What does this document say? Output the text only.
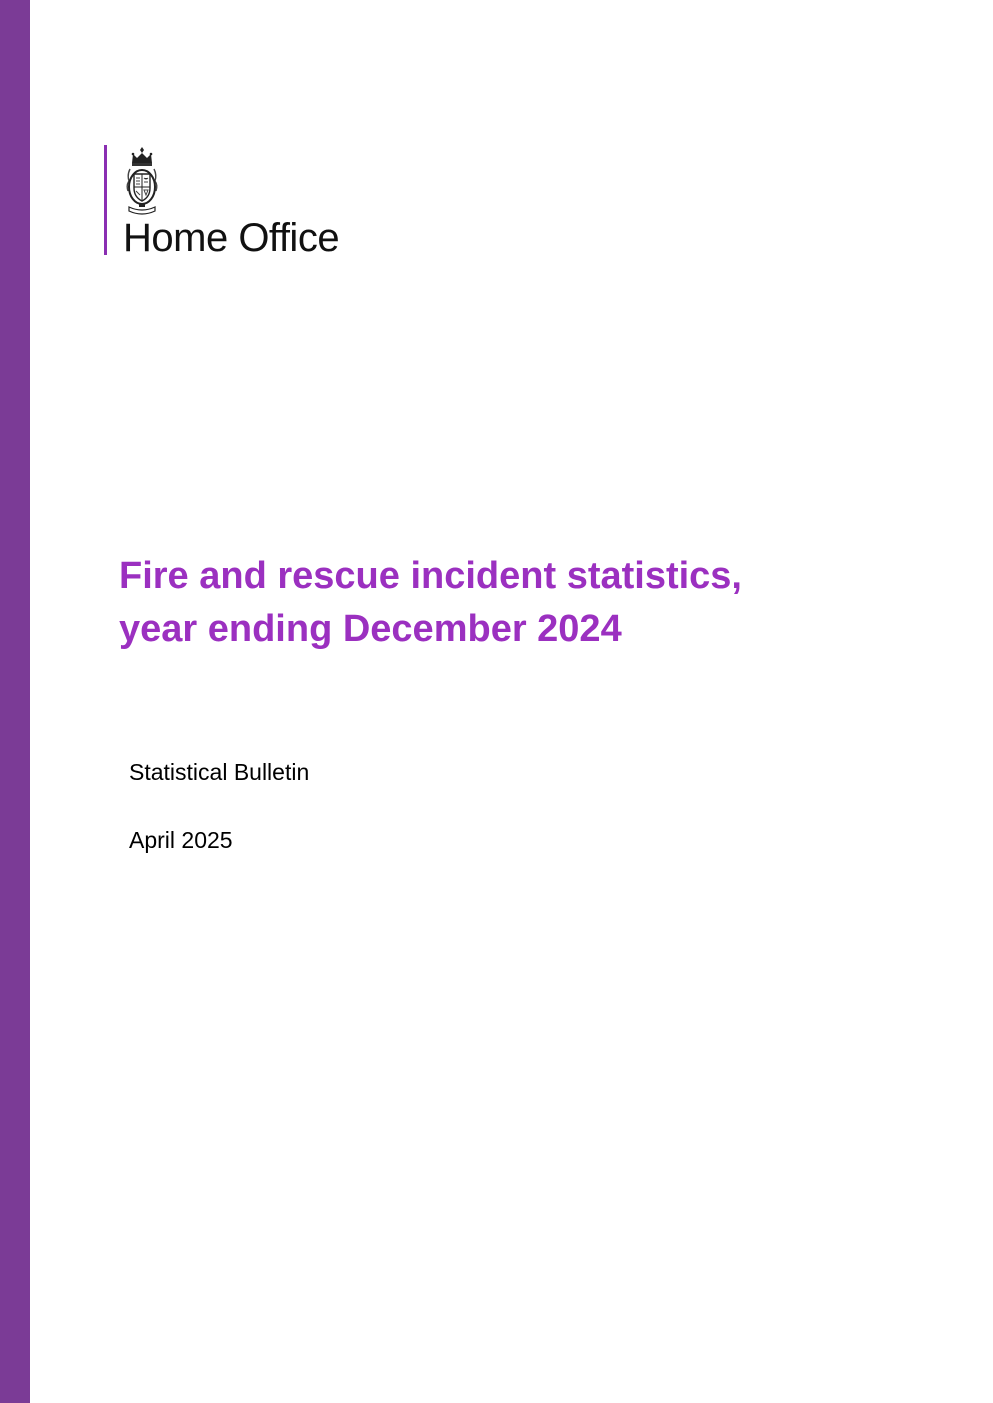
Home Office
Fire and rescue incident statistics,
year ending December 2024
Statistical Bulletin
April 2025
